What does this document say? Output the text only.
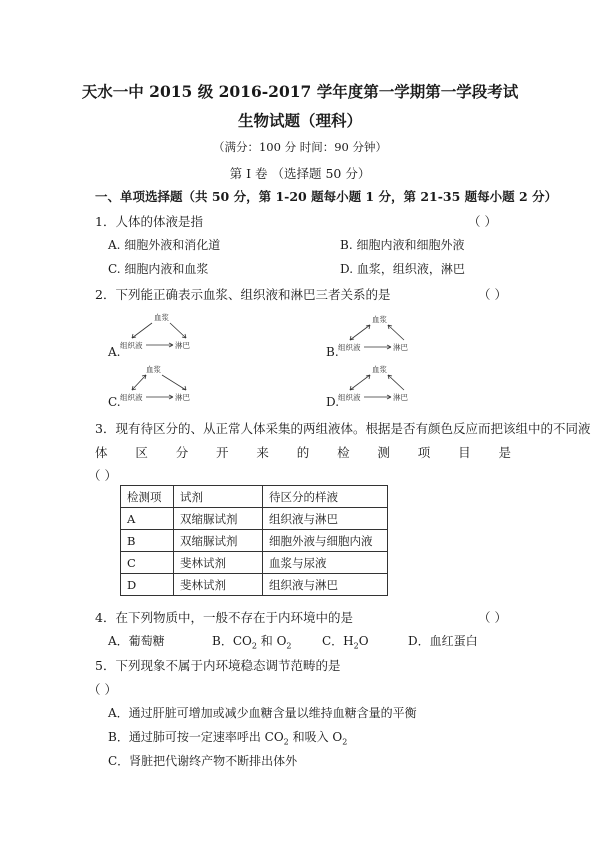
天水一中 2015 级 2016-2017 学年度第一学期第一学段考试
生物试题（理科）
（满分：100 分 时间：90 分钟）
第 I 卷 （选择题 50 分）
一、单项选择题（共 50 分，第 1-20 题每小题 1 分，第 21-35 题每小题 2 分）
1．人体的体液是指	（ ）
A. 细胞外液和消化道	B. 细胞内液和细胞外液
C. 细胞内液和血浆	D. 血浆，组织液，淋巴
2．下列能正确表示血浆、组织液和淋巴三者关系的是	（ ）
A.
血浆
组织液	淋巴	B.
血浆
组织液	淋巴
C.
血浆
组织液	淋巴	D.
血浆
组织液	淋巴
3．现有待区分的、从正常人体采集的两组液体。根据是否有颜色反应而把该组中的不同液
体 区 分 开 来 的 检 测 项 目 是
（ ）
检测项	试剂	待区分的样液
A	双缩脲试剂	组织液与淋巴
B	双缩脲试剂	细胞外液与细胞内液
C	斐林试剂	血浆与尿液
D	斐林试剂	组织液与淋巴
4．在下列物质中，一般不存在于内环境中的是	（ ）
A．葡萄糖	B．$CO_2$ 和 $O_2$	C．$H_2O$	D．血红蛋白
5．下列现象不属于内环境稳态调节范畴的是
（ ）
A．通过肝脏可增加或减少血糖含量以维持血糖含量的平衡
B．通过肺可按一定速率呼出 $CO_2$ 和吸入 $O_2$
C．肾脏把代谢终产物不断排出体外
